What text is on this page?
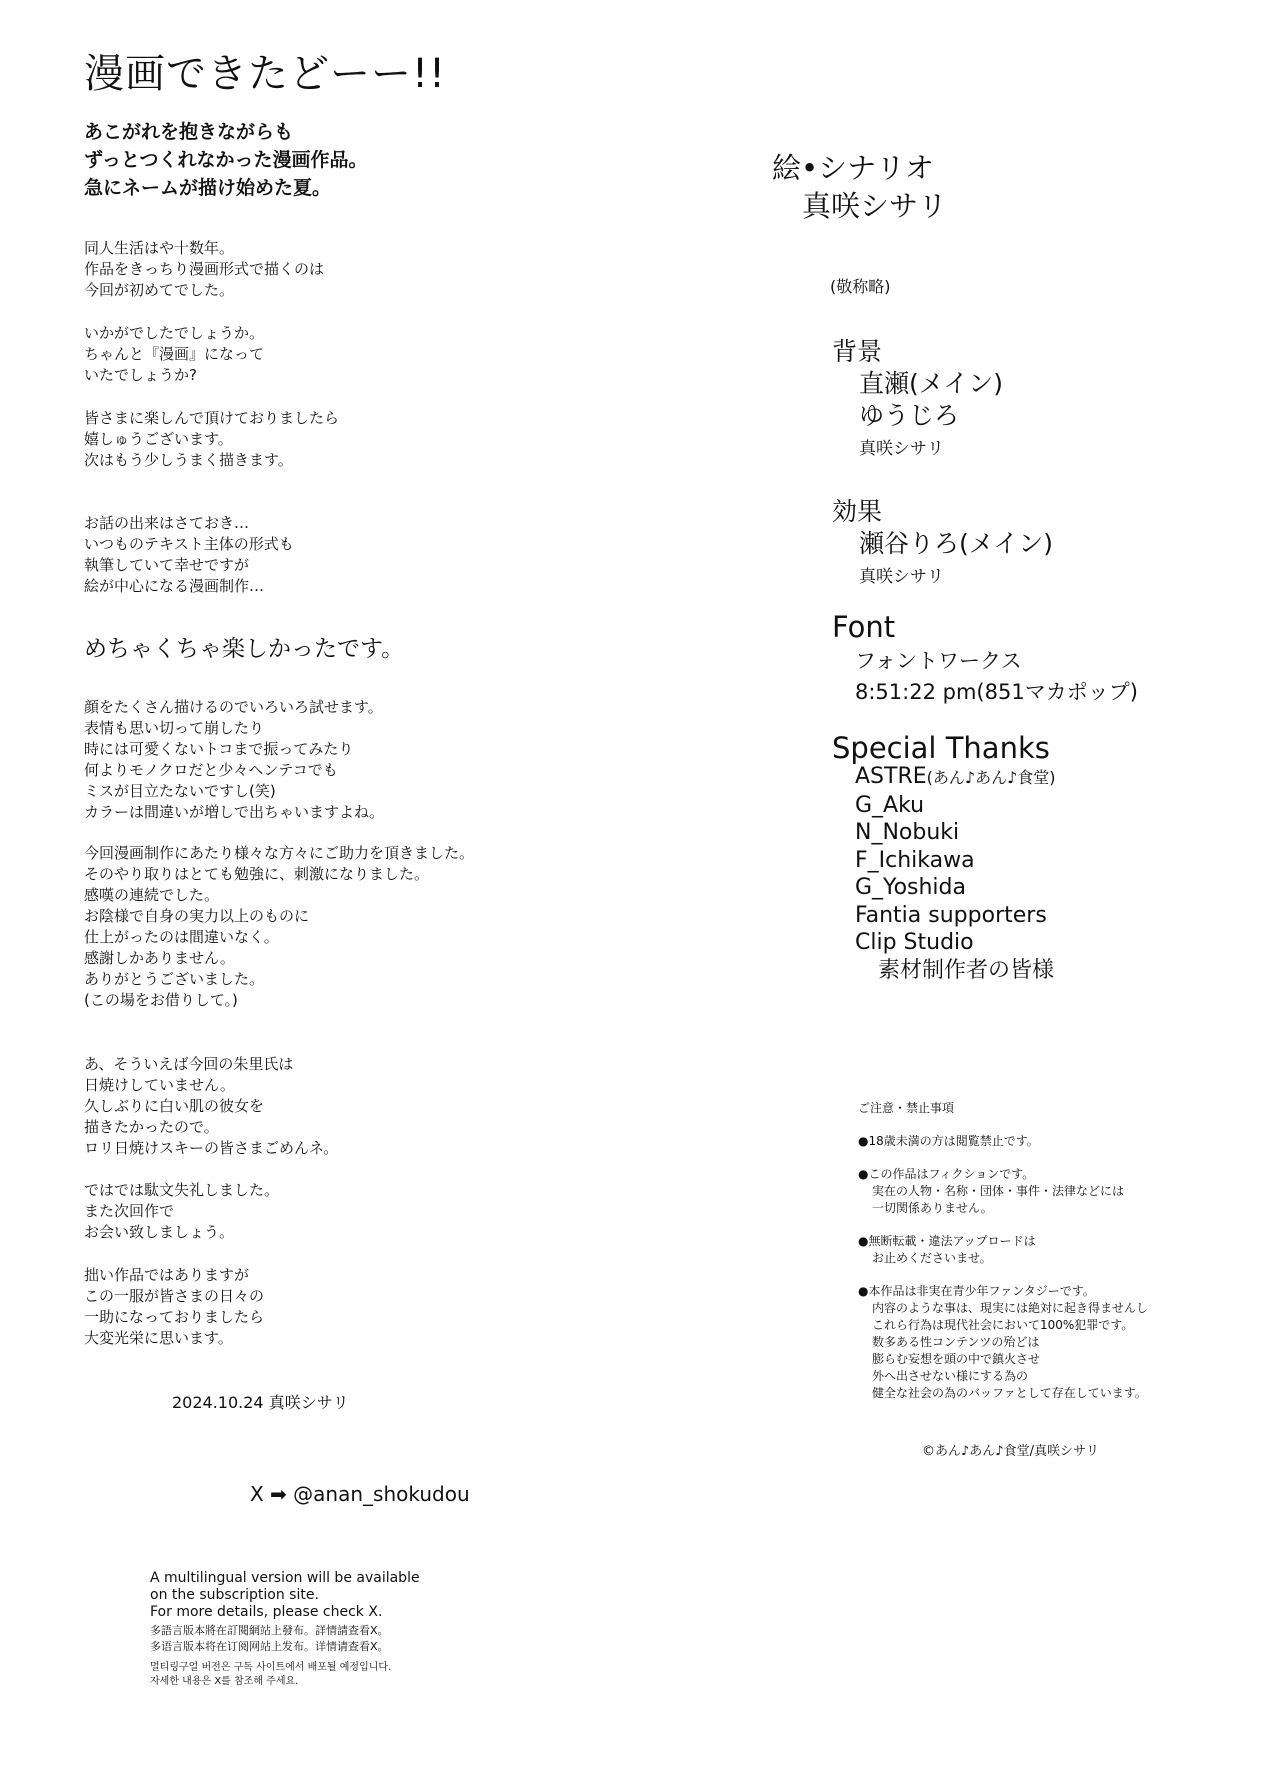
漫画できたどーー!!
あこがれを抱きながらも
ずっとつくれなかった漫画作品。
急にネームが描け始めた夏。
同人生活はや十数年。
作品をきっちり漫画形式で描くのは
今回が初めてでした。
いかがでしたでしょうか。
ちゃんと『漫画』になって
いたでしょうか?
皆さまに楽しんで頂けておりましたら
嬉しゅうございます。
次はもう少しうまく描きます。
お話の出来はさておき…
いつものテキスト主体の形式も
執筆していて幸せですが
絵が中心になる漫画制作…
めちゃくちゃ楽しかったです。
顔をたくさん描けるのでいろいろ試せます。
表情も思い切って崩したり
時には可愛くないトコまで振ってみたり
何よりモノクロだと少々ヘンテコでも
ミスが目立たないですし(笑)
カラーは間違いが増しで出ちゃいますよね。
今回漫画制作にあたり様々な方々にご助力を頂きました。
そのやり取りはとても勉強に、刺激になりました。
感嘆の連続でした。
お陰様で自身の実力以上のものに
仕上がったのは間違いなく。
感謝しかありません。
ありがとうございました。
(この場をお借りして。)
あ、そういえば今回の朱里氏は
日焼けしていません。
久しぶりに白い肌の彼女を
描きたかったので。
ロリ日焼けスキーの皆さまごめんネ。
ではでは駄文失礼しました。
また次回作で
お会い致しましょう。
拙い作品ではありますが
この一服が皆さまの日々の
一助になっておりましたら
大変光栄に思います。
2024.10.24 真咲シサリ
X ➡ @anan_shokudou
A multilingual version will be available
on the subscription site.
For more details, please check X.
多語言版本將在訂閱網站上發布。詳情請查看X。
多语言版本将在订阅网站上发布。详情请查看X。
멀티링구얼 버전은 구독 사이트에서 배포될 예정입니다.
자세한 내용은 X를 참조해 주세요.
絵•シナリオ
真咲シサリ
(敬称略)
背景
直瀬(メイン)
ゆうじろ
真咲シサリ
効果
瀬谷りろ(メイン)
真咲シサリ
Font
フォントワークス
8:51:22 pm(851マカポップ)
Special Thanks
ASTRE(あん♪あん♪食堂)
G_Aku
N_Nobuki
F_Ichikawa
G_Yoshida
Fantia supporters
Clip Studio
素材制作者の皆様
ご注意・禁止事項
●18歳未満の方は閲覧禁止です。
●この作品はフィクションです。
実在の人物・名称・団体・事件・法律などには
一切関係ありません。
●無断転載・違法アップロードは
お止めくださいませ。
●本作品は非実在青少年ファンタジーです。
内容のような事は、現実には絶対に起き得ませんし
これら行為は現代社会において100%犯罪です。
数多ある性コンテンツの殆どは
膨らむ妄想を頭の中で鎮火させ
外へ出させない様にする為の
健全な社会の為のバッファとして存在しています。
©あん♪あん♪食堂/真咲シサリ
